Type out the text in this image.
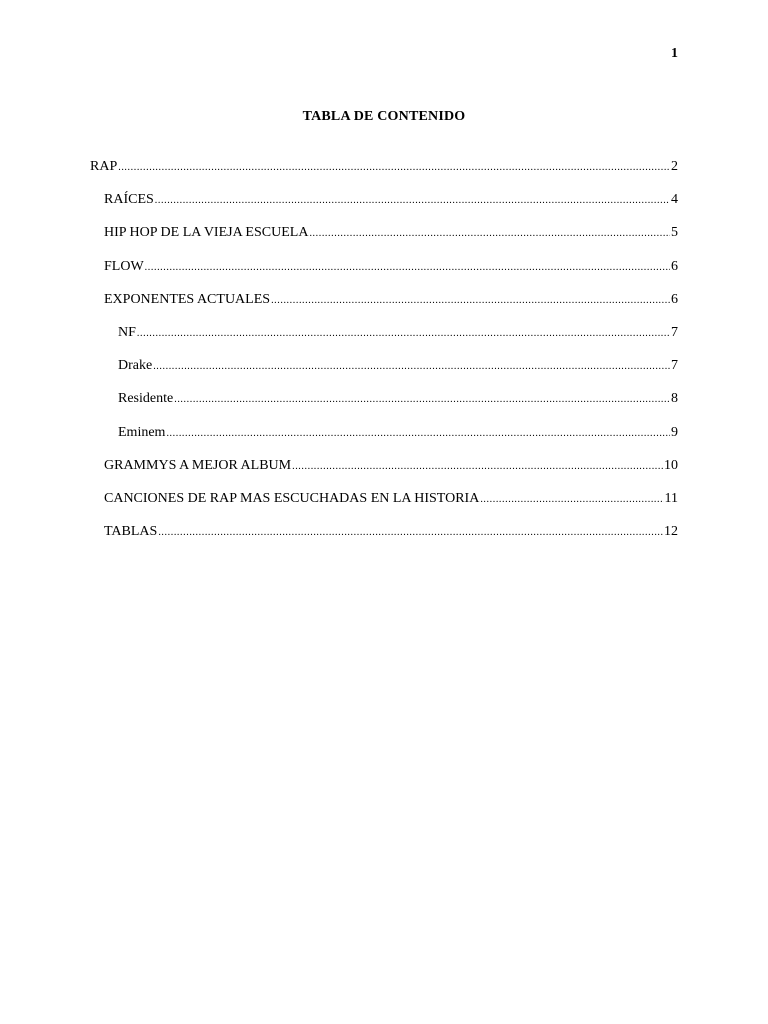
1
TABLA DE CONTENIDO
RAP .....	2
RAÍCES .....	4
HIP HOP DE LA VIEJA ESCUELA .....	5
FLOW .....	6
EXPONENTES ACTUALES .....	6
NF .....	7
Drake .....	7
Residente .....	8
Eminem .....	9
GRAMMYS A MEJOR ALBUM .....	10
CANCIONES DE RAP MAS ESCUCHADAS EN LA HISTORIA .....	11
TABLAS .....	12
